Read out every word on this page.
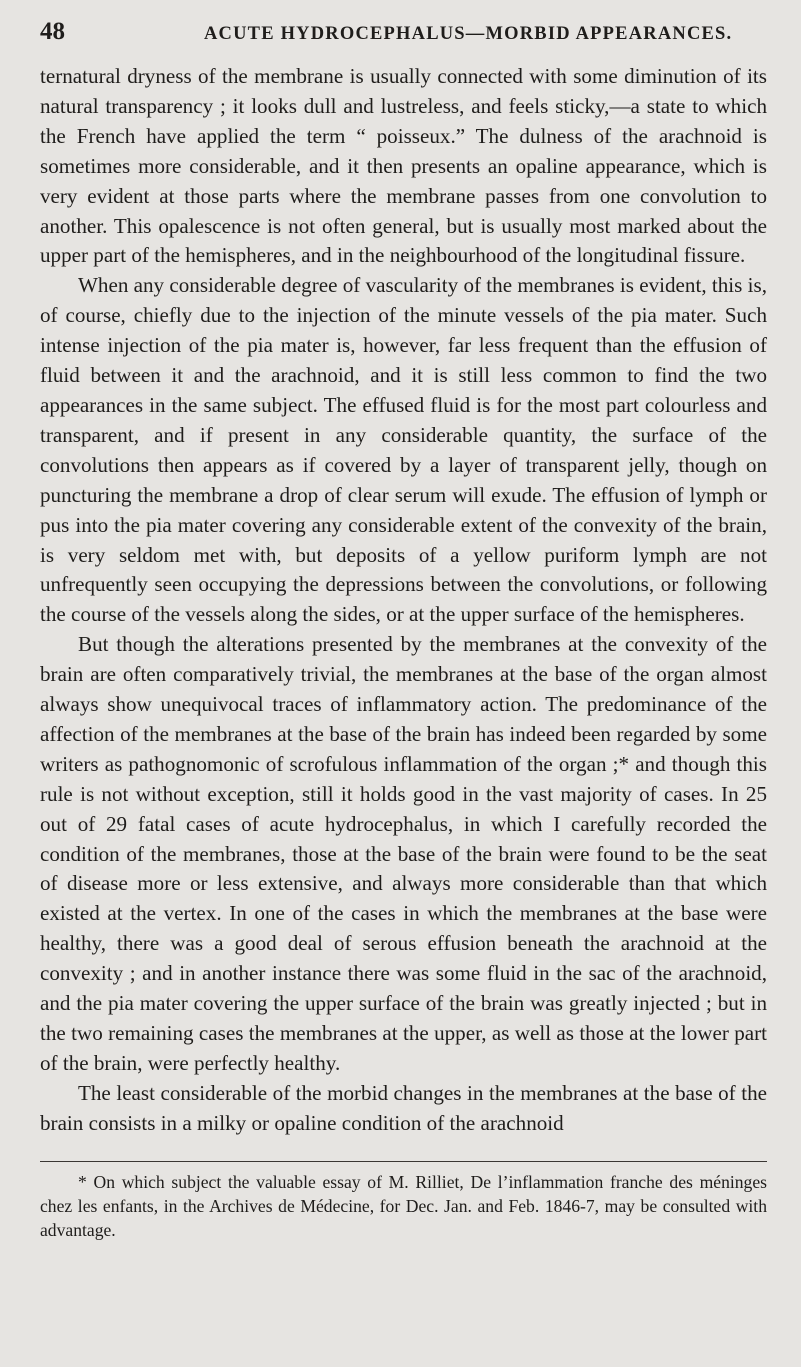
48	ACUTE HYDROCEPHALUS—MORBID APPEARANCES.

ternatural dryness of the membrane is usually connected with some diminution of its natural transparency ; it looks dull and lustreless, and feels sticky,—a state to which the French have applied the term “ poisseux.” The dulness of the arachnoid is sometimes more considerable, and it then presents an opaline appearance, which is very evident at those parts where the membrane passes from one convolution to another. This opalescence is not often general, but is usually most marked about the upper part of the hemispheres, and in the neighbourhood of the longitudinal fissure.

When any considerable degree of vascularity of the membranes is evident, this is, of course, chiefly due to the injection of the minute vessels of the pia mater. Such intense injection of the pia mater is, however, far less frequent than the effusion of fluid between it and the arachnoid, and it is still less common to find the two appearances in the same subject. The effused fluid is for the most part colourless and transparent, and if present in any considerable quantity, the surface of the convolutions then appears as if covered by a layer of transparent jelly, though on puncturing the membrane a drop of clear serum will exude. The effusion of lymph or pus into the pia mater covering any considerable extent of the convexity of the brain, is very seldom met with, but deposits of a yellow puriform lymph are not unfrequently seen occupying the depressions between the convolutions, or following the course of the vessels along the sides, or at the upper surface of the hemispheres.

But though the alterations presented by the membranes at the convexity of the brain are often comparatively trivial, the membranes at the base of the organ almost always show unequivocal traces of inflammatory action. The predominance of the affection of the membranes at the base of the brain has indeed been regarded by some writers as pathognomonic of scrofulous inflammation of the organ ;* and though this rule is not without exception, still it holds good in the vast majority of cases. In 25 out of 29 fatal cases of acute hydrocephalus, in which I carefully recorded the condition of the membranes, those at the base of the brain were found to be the seat of disease more or less extensive, and always more considerable than that which existed at the vertex. In one of the cases in which the membranes at the base were healthy, there was a good deal of serous effusion beneath the arachnoid at the convexity ; and in another instance there was some fluid in the sac of the arachnoid, and the pia mater covering the upper surface of the brain was greatly injected ; but in the two remaining cases the membranes at the upper, as well as those at the lower part of the brain, were perfectly healthy.

The least considerable of the morbid changes in the membranes at the base of the brain consists in a milky or opaline condition of the arachnoid

* On which subject the valuable essay of M. Rilliet, De l’inflammation franche des méninges chez les enfants, in the Archives de Médecine, for Dec. Jan. and Feb. 1846-7, may be consulted with advantage.
